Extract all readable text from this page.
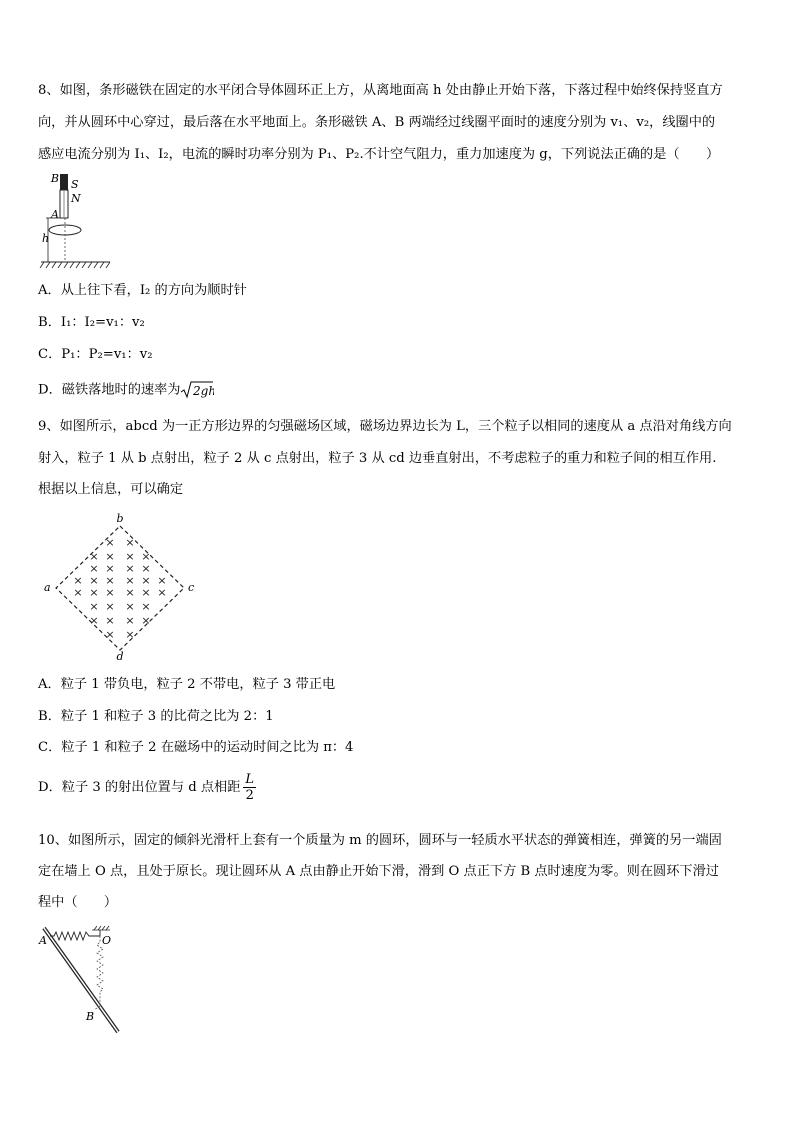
8、如图，条形磁铁在固定的水平闭合导体圆环正上方，从离地面高 h 处由静止开始下落，下落过程中始终保持竖直方
向，并从圆环中心穿过，最后落在水平地面上。条形磁铁 A、B 两端经过线圈平面时的速度分别为 v₁、v₂，线圈中的
感应电流分别为 I₁、I₂，电流的瞬时功率分别为 P₁、P₂.不计空气阻力，重力加速度为 g，下列说法正确的是（　　）
B S
N
A
h
A．从上往下看，I₂ 的方向为顺时针
B．I₁：I₂=v₁：v₂
C．P₁：P₂=v₁：v₂
D．磁铁落地时的速率为 2gh
9、如图所示，abcd 为一正方形边界的匀强磁场区域，磁场边界边长为 L，三个粒子以相同的速度从 a 点沿对角线方向
射入，粒子 1 从 b 点射出，粒子 2 从 c 点射出，粒子 3 从 cd 边垂直射出，不考虑粒子的重力和粒子间的相互作用.
根据以上信息，可以确定
b
c
d
a
× ×
× × × ×
× × × ×
× × × × × ×
× × × × × ×
× × × ×
× × × ×
× ×
A．粒子 1 带负电，粒子 2 不带电，粒子 3 带正电
B．粒子 1 和粒子 3 的比荷之比为 2：1
C．粒子 1 和粒子 2 在磁场中的运动时间之比为 π：4
D．粒子 3 的射出位置与 d 点相距 $\frac{L}{2}$
10、如图所示，固定的倾斜光滑杆上套有一个质量为 m 的圆环，圆环与一轻质水平状态的弹簧相连，弹簧的另一端固
定在墙上 O 点，且处于原长。现让圆环从 A 点由静止开始下滑，滑到 O 点正下方 B 点时速度为零。则在圆环下滑过
程中（　　）
A	O
B
